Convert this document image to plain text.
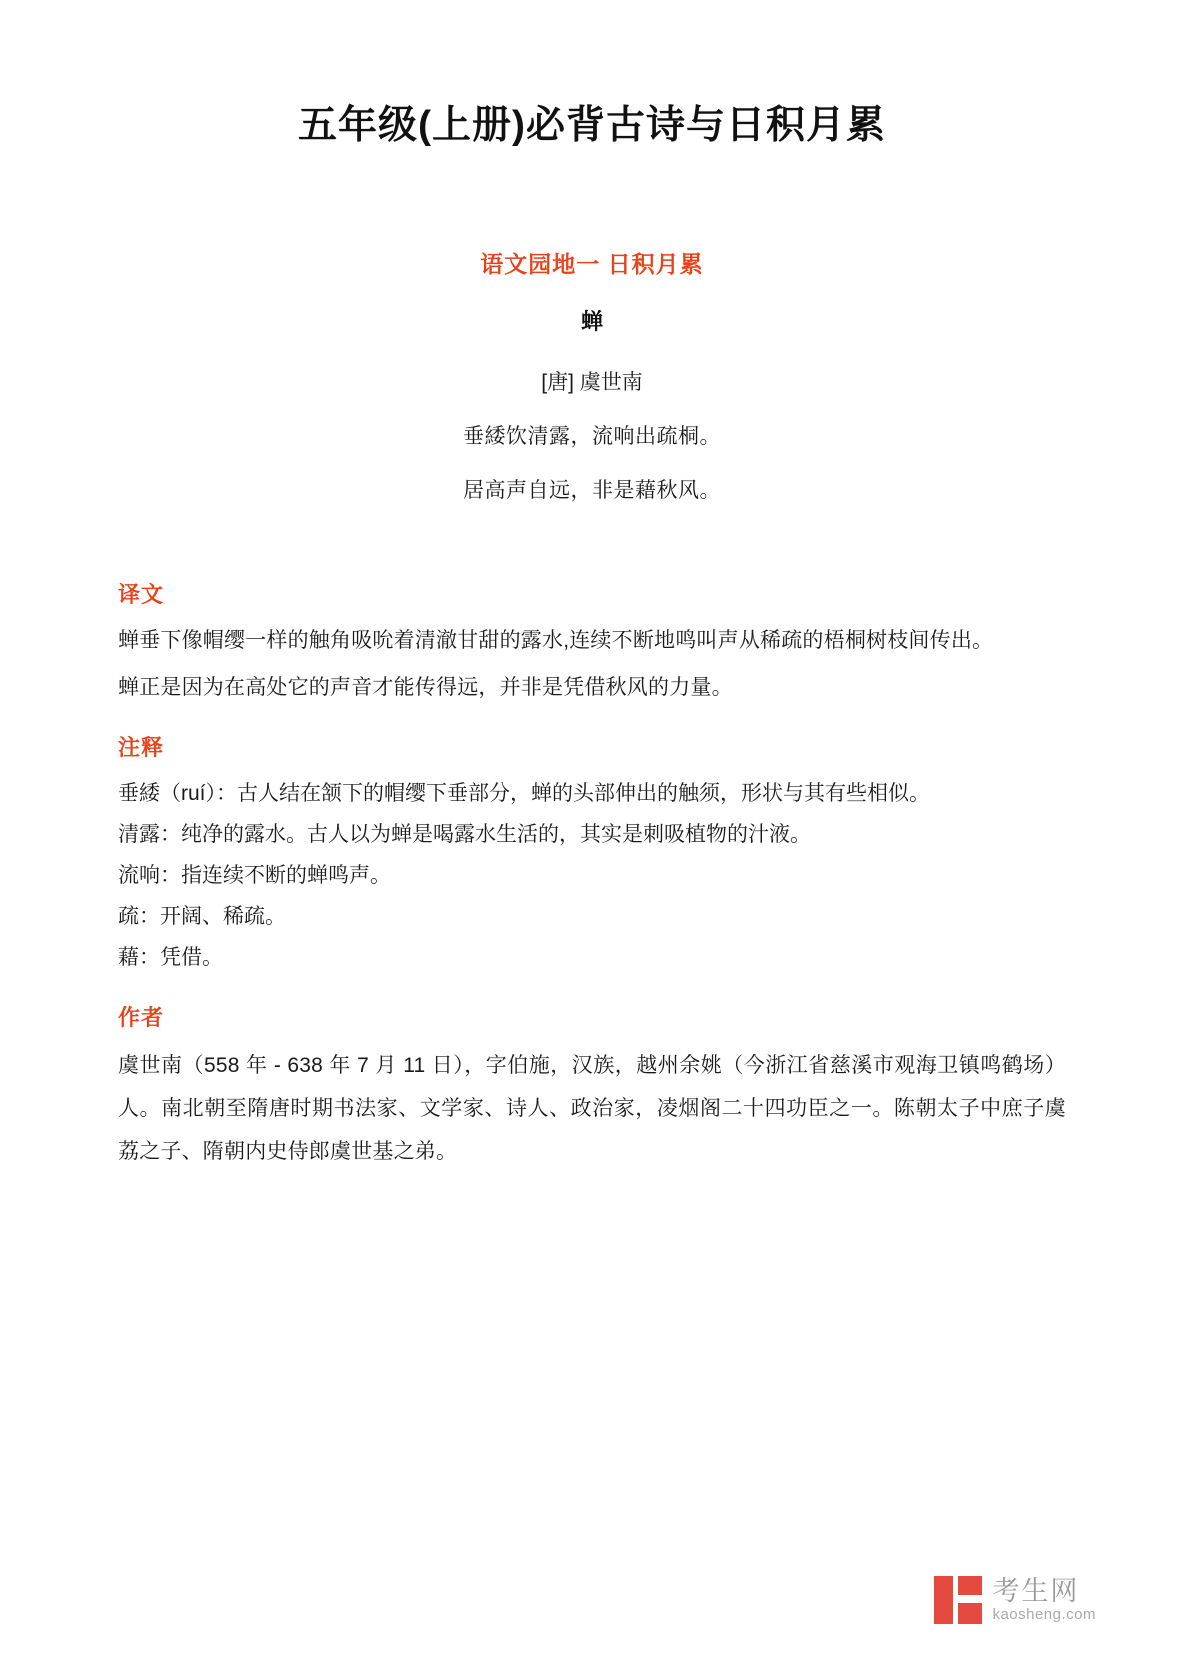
五年级(上册)必背古诗与日积月累
语文园地一 日积月累
蝉
[唐] 虞世南
垂緌饮清露，流响出疏桐。
居高声自远，非是藉秋风。
译文

蝉垂下像帽缨一样的触角吸吮着清澈甘甜的露水,连续不断地鸣叫声从稀疏的梧桐树枝间传出。

蝉正是因为在高处它的声音才能传得远，并非是凭借秋风的力量。

注释

垂緌（ruí）：古人结在颔下的帽缨下垂部分，蝉的头部伸出的触须，形状与其有些相似。

清露：纯净的露水。古人以为蝉是喝露水生活的，其实是刺吸植物的汁液。

流响：指连续不断的蝉鸣声。

疏：开阔、稀疏。

藉：凭借。

作者

虞世南（558 年 - 638 年 7 月 11 日），字伯施，汉族，越州余姚（今浙江省慈溪市观海卫镇鸣鹤场）人。南北朝至隋唐时期书法家、文学家、诗人、政治家，凌烟阁二十四功臣之一。陈朝太子中庶子虞荔之子、隋朝内史侍郎虞世基之弟。

考生网
kaosheng.com
